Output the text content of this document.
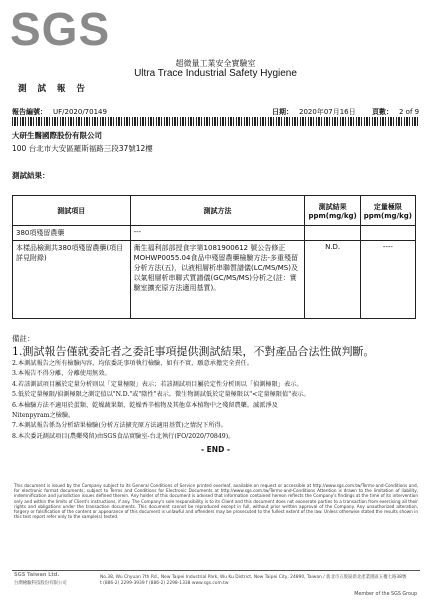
SGS
超微量工業安全實驗室
Ultra Trace Industrial Safety Hygiene
測 試 報 告
報告編號： UF/2020/70149	日期： 2020年07月16日 頁數： 2 of 9
大研生醫國際股份有限公司
100 台北市大安區羅斯福路三段37號12樓
測試結果：
測試項目	測試方法	測試結果 ppm(mg/kg)	定量極限 ppm(mg/kg)
380項殘留農藥	---		
本樣品檢測共380項殘留農藥(項目詳見附錄)	衛生福利部部授食字第1081900612 號公告修正MOHWP0055.04食品中殘留農藥檢驗方法-多重殘留分析方法(五)，以液相層析串聯質譜儀(LC/MS/MS)及以氣相層析串聯式質譜儀(GC/MS/MS)分析之(註：實驗室擴充原方法適用基質)。	N.D.	----
備註：
1.測試報告僅就委託者之委託事項提供測試結果，不對產品合法性做判斷。
2.本測試報告之所有檢驗內容，均依委託事項執行檢驗，如有不實，願意承擔完全責任。
3.本報告不得分離，分離使用無效。
4.若該測試項目屬於定量分析則以「定量極限」表示；若該測試項目屬於定性分析則以「偵測極限」表示。
5.低於定量極限/偵測極限之測定值以"N.D."或"陰性"表示。微生物測試低於定量極限以"<定量極限值"表示。
6.本檢驗方法不適用於蛋類、乾燥蔬果類、乾燥香辛植物及其他草本植物中之殘留農藥。滅派淨及
Nitenpyram之檢驗。
7.本測試報告係為分析結果檢驗(分析方法擴充原方法適用基質)之情況下所得。
8.本次委託測試項目(農藥殘留)由SGS食品實驗室-台北執行(FO/2020/70849)。
- END -
This document is issued by the Company subject to its General Conditions of Service printed overleaf, available on request or accessible at http://www.sgs.com.tw/Terms-and-Conditions and, for electronic format documents, subject to Terms and Conditions for Electronic Documents at http://www.sgs.com.tw/Terms-and-Conditions Attention is drawn to the limitation of liability, indemnification and jurisdiction issues defined therein. Any holder of this document is advised that information contained hereon reflects the Company's findings at the time of its intervention only and within the limits of Client's instructions, if any. The Company's sole responsibility is to its Client and this document does not exonerate parties to a transaction from exercising all their rights and obligations under the transaction documents. This document cannot be reproduced except in full, without prior written approval of the Company. Any unauthorized alteration, forgery or falsification of the content or appearance of this document is unlawful and offenders may be prosecuted to the fullest extent of the law. Unless otherwise stated the results shown in this test report refer only to the sample(s) tested.
SGS Taiwan Ltd.
台灣檢驗科技股份有限公司
No.38, Wu Chyuan 7th Rd., New Taipei Industrial Park, Wu Ku District, New Taipei City, 24890, Taiwan / 新北市五股區新北產業園區五權七路38號
t (886-2) 2299-3939 f (886-2) 2298-1338 www.sgs.com.tw
Member of the SGS Group
